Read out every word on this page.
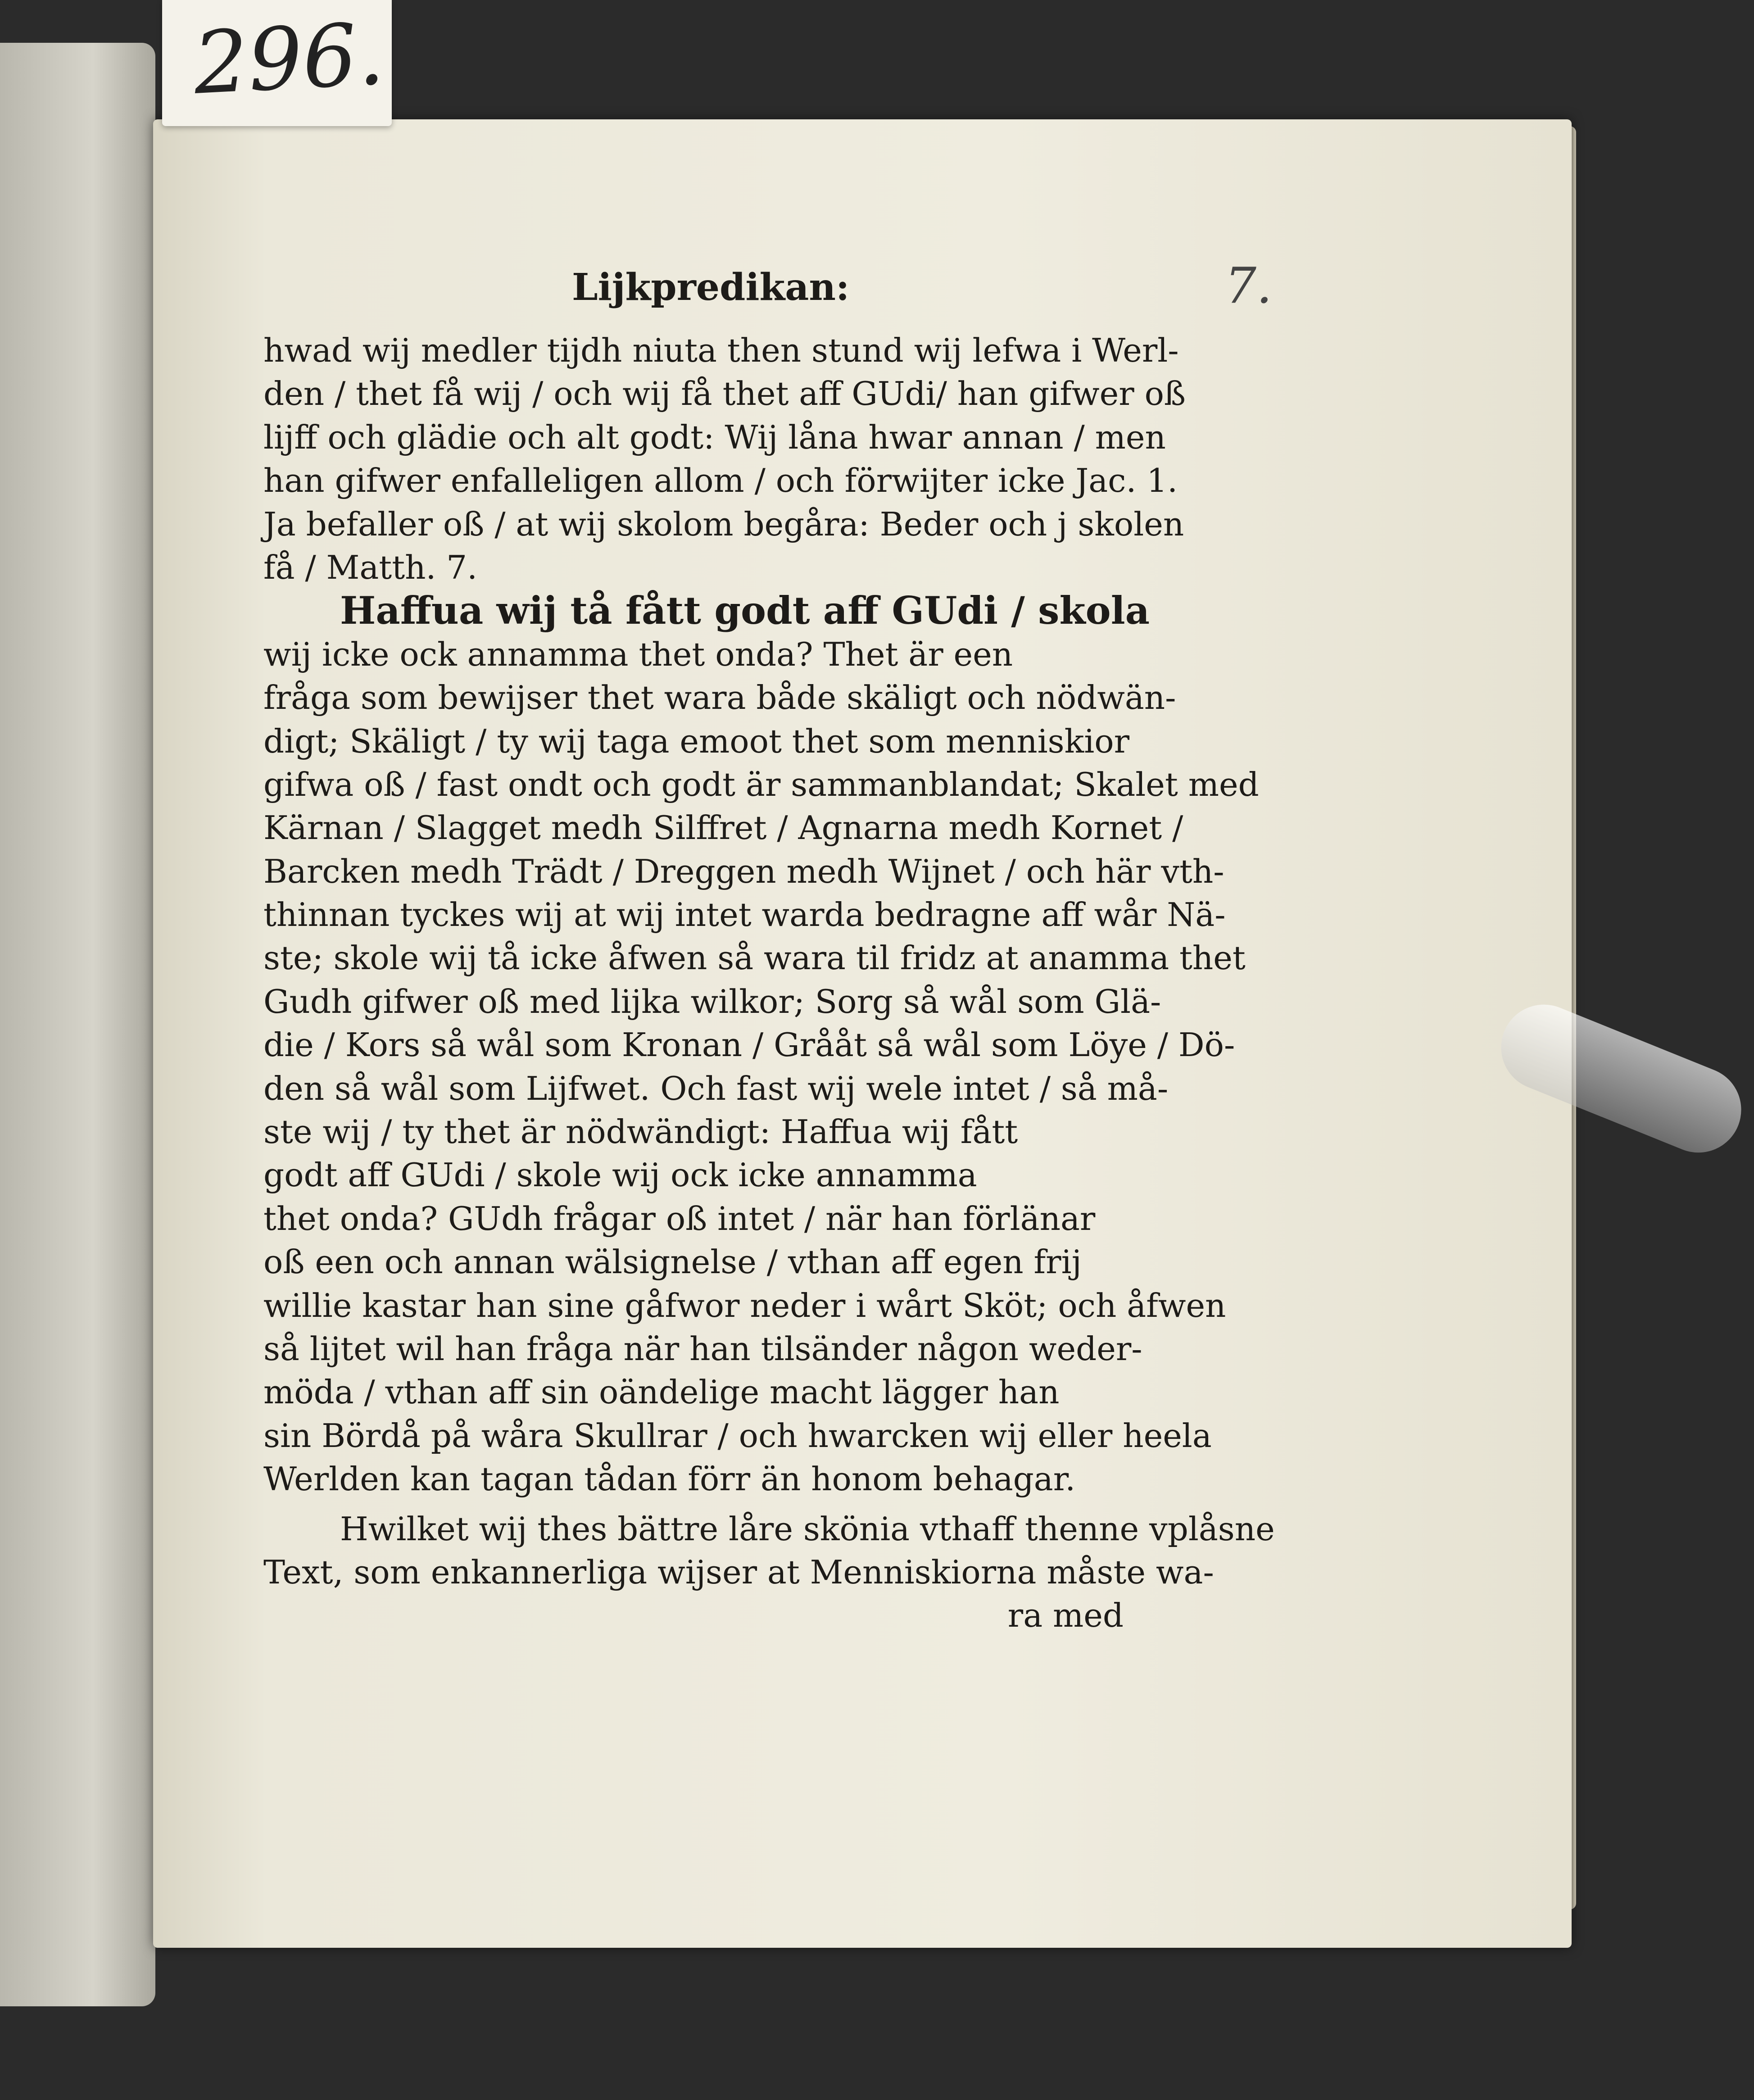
296.
7.
Lijkpredikan:
hwad wij medler tijdh niuta then stund wij lefwa i Werl-
den / thet få wij / och wij få thet aff GUdi/ han gifwer oß
lijff och glädie och alt godt: Wij låna hwar annan / men
han gifwer enfalleligen allom / och förwijter icke Jac. 1.
Ja befaller oß / at wij skolom begåra: Beder och j skolen
få / Matth. 7.
Haffua wij tå fått godt aff GUdi / skola
wij icke ock annamma thet onda? Thet är een
fråga som bewijser thet wara både skäligt och nödwän-
digt; Skäligt / ty wij taga emoot thet som menniskior
gifwa oß / fast ondt och godt är sammanblandat; Skalet med
Kärnan / Slagget medh Silffret / Agnarna medh Kornet /
Barcken medh Trädt / Dreggen medh Wijnet / och här vth-
thinnan tyckes wij at wij intet warda bedragne aff wår Nä-
ste; skole wij tå icke åfwen så wara til fridz at anamma thet
Gudh gifwer oß med lijka wilkor; Sorg så wål som Glä-
die / Kors så wål som Kronan / Grååt så wål som Löye / Dö-
den så wål som Lijfwet. Och fast wij wele intet / så må-
ste wij / ty thet är nödwändigt: Haffua wij fått
godt aff GUdi / skole wij ock icke annamma
thet onda? GUdh frågar oß intet / när han förlänar
oß een och annan wälsignelse / vthan aff egen frij
willie kastar han sine gåfwor neder i wårt Sköt; och åfwen
så lijtet wil han fråga när han tilsänder någon weder-
möda / vthan aff sin oändelige macht lägger han
sin Bördå på wåra Skullrar / och hwarcken wij eller heela
Werlden kan tagan tådan förr än honom behagar.
Hwilket wij thes bättre låre skönia vthaff thenne vplåsne
Text, som enkannerliga wijser at Menniskiorna måste wa-
ra med
